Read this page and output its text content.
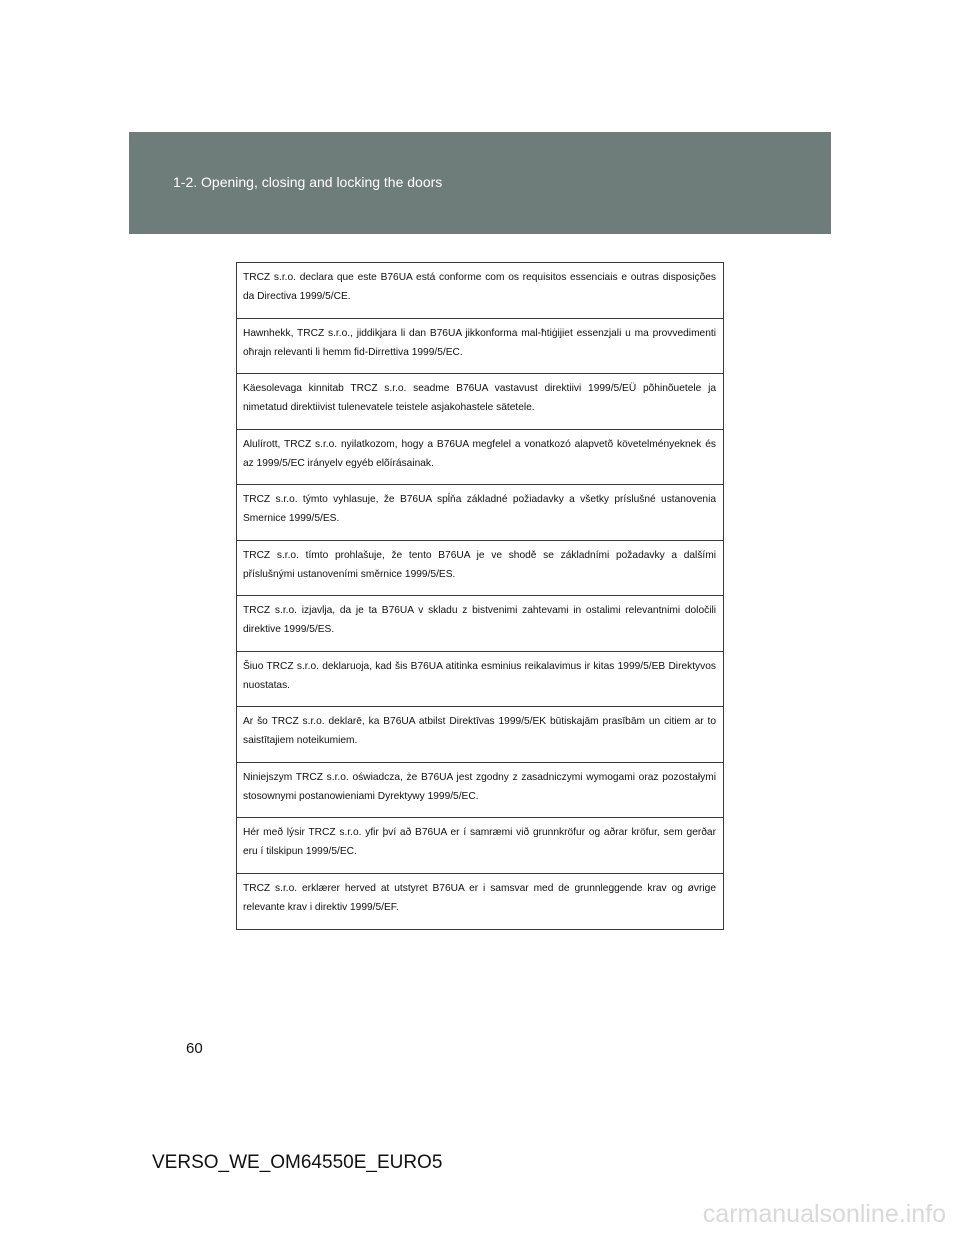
1-2. Opening, closing and locking the doors
TRCZ s.r.o. declara que este B76UA está conforme com os requisitos essenciais e outras disposições da Directiva 1999/5/CE.
Hawnhekk, TRCZ s.r.o., jiddikjara li dan B76UA jikkonforma mal-ħtiġijiet essenzjali u ma provvedimenti oħrajn relevanti li hemm fid-Dirrettiva 1999/5/EC.
Käesolevaga kinnitab TRCZ s.r.o. seadme B76UA vastavust direktiivi 1999/5/EÜ põhinõuetele ja nimetatud direktiivist tulenevatele teistele asjakohastele sätetele.
Alulírott, TRCZ s.r.o. nyilatkozom, hogy a B76UA megfelel a vonatkozó alapvetõ követelményeknek és az 1999/5/EC irányelv egyéb elõírásainak.
TRCZ s.r.o. týmto vyhlasuje, že B76UA spĺňa základné požiadavky a všetky príslušné ustanovenia Smernice 1999/5/ES.
TRCZ s.r.o. tímto prohlašuje, že tento B76UA je ve shodě se základními požadavky a dalšími příslušnými ustanoveními směrnice 1999/5/ES.
TRCZ s.r.o. izjavlja, da je ta B76UA v skladu z bistvenimi zahtevami in ostalimi relevantnimi določili direktive 1999/5/ES.
Šiuo TRCZ s.r.o. deklaruoja, kad šis B76UA atitinka esminius reikalavimus ir kitas 1999/5/EB Direktyvos nuostatas.
Ar šo TRCZ s.r.o. deklarē, ka B76UA atbilst Direktīvas 1999/5/EK būtiskajām prasībām un citiem ar to saistītajiem noteikumiem.
Niniejszym TRCZ s.r.o. oświadcza, że B76UA jest zgodny z zasadniczymi wymogami oraz pozostałymi stosownymi postanowieniami Dyrektywy 1999/5/EC.
Hér með lýsir TRCZ s.r.o. yfir því að B76UA er í samræmi við grunnkröfur og aðrar kröfur, sem gerðar eru í tilskipun 1999/5/EC.
TRCZ s.r.o. erklærer herved at utstyret B76UA er i samsvar med de grunnleggende krav og øvrige relevante krav i direktiv 1999/5/EF.
60
VERSO_WE_OM64550E_EURO5
carmanualsonline.info
